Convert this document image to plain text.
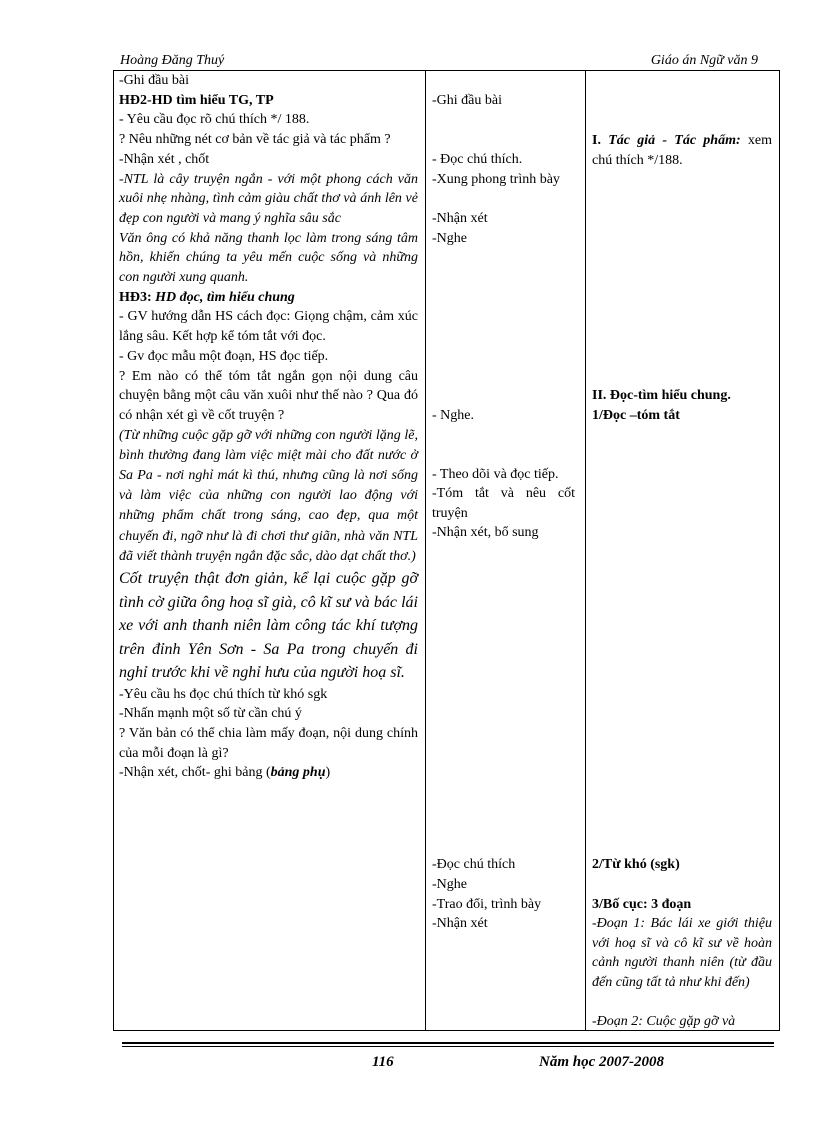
Hoàng Đăng Thuý	Giáo án Ngữ văn 9
-Ghi đầu bài
HĐ2-HD tìm hiểu TG, TP
- Yêu cầu đọc rõ chú thích */ 188.

? Nêu những nét cơ bản về tác giả và tác phẩm ?

-Nhận xét , chốt

-NTL là cây truyện ngắn - với một phong cách văn xuôi nhẹ nhàng, tình cảm giàu chất thơ và ánh lên vẻ đẹp con người và mang ý nghĩa sâu sắc

Văn ông có khả năng thanh lọc làm trong sáng tâm hồn, khiến chúng ta yêu mến cuộc sống và những con người xung quanh.

HĐ3: HD đọc, tìm hiểu chung

- GV hướng dẫn HS cách đọc: Giọng chậm, cảm xúc lắng sâu. Kết hợp kể tóm tắt với đọc.

- Gv đọc mẫu một đoạn, HS đọc tiếp.

? Em nào có thể tóm tắt ngắn gọn nội dung câu chuyện bằng một câu văn xuôi như thế nào ? Qua đó có nhận xét gì về cốt truyện ?

(Từ những cuộc gặp gỡ với những con người lặng lẽ, bình thường đang làm việc miệt mài cho đất nước ở Sa Pa - nơi nghỉ mát kì thú, nhưng cũng là nơi sống và làm việc của những con người lao động với những phẩm chất trong sáng, cao đẹp, qua một chuyến đi, ngỡ như là đi chơi thư giãn, nhà văn NTL đã viết thành truyện ngắn đặc sắc, dào dạt chất thơ.)

Cốt truyện thật đơn giản, kể lại cuộc gặp gỡ tình cờ giữa ông hoạ sĩ già, cô kĩ sư và bác lái xe với anh thanh niên làm công tác khí tượng trên đỉnh Yên Sơn - Sa Pa trong chuyến đi nghỉ trước khi về nghỉ hưu của người hoạ sĩ.

-Yêu cầu hs đọc chú thích từ khó sgk
-Nhấn mạnh một số từ cần chú ý

? Văn bản có thể chia làm mấy đoạn, nội dung chính của mỗi đoạn là gì?

-Nhận xét, chốt- ghi bảng (bảng phụ)
-Ghi đầu bài
- Đọc chú thích.

-Xung phong trình bày

-Nhận xét
-Nghe
- Nghe.
- Theo dõi và đọc tiếp.

-Tóm tắt và nêu cốt truyện

-Nhận xét, bổ sung
-Đọc chú thích
-Nghe
-Trao đổi, trình bày
-Nhận xét

I. Tác giả - Tác phẩm: xem chú thích */188.

II. Đọc-tìm hiểu chung.
1/Đọc –tóm tắt
2/Từ khó (sgk)
3/Bố cục: 3 đoạn

-Đoạn 1: Bác lái xe giới thiệu với hoạ sĩ và cô kĩ sư về hoàn cảnh người thanh niên (từ đầu đến cũng tất tả như khi đến)

-Đoạn 2: Cuộc gặp gỡ và

116	Năm học 2007-2008
